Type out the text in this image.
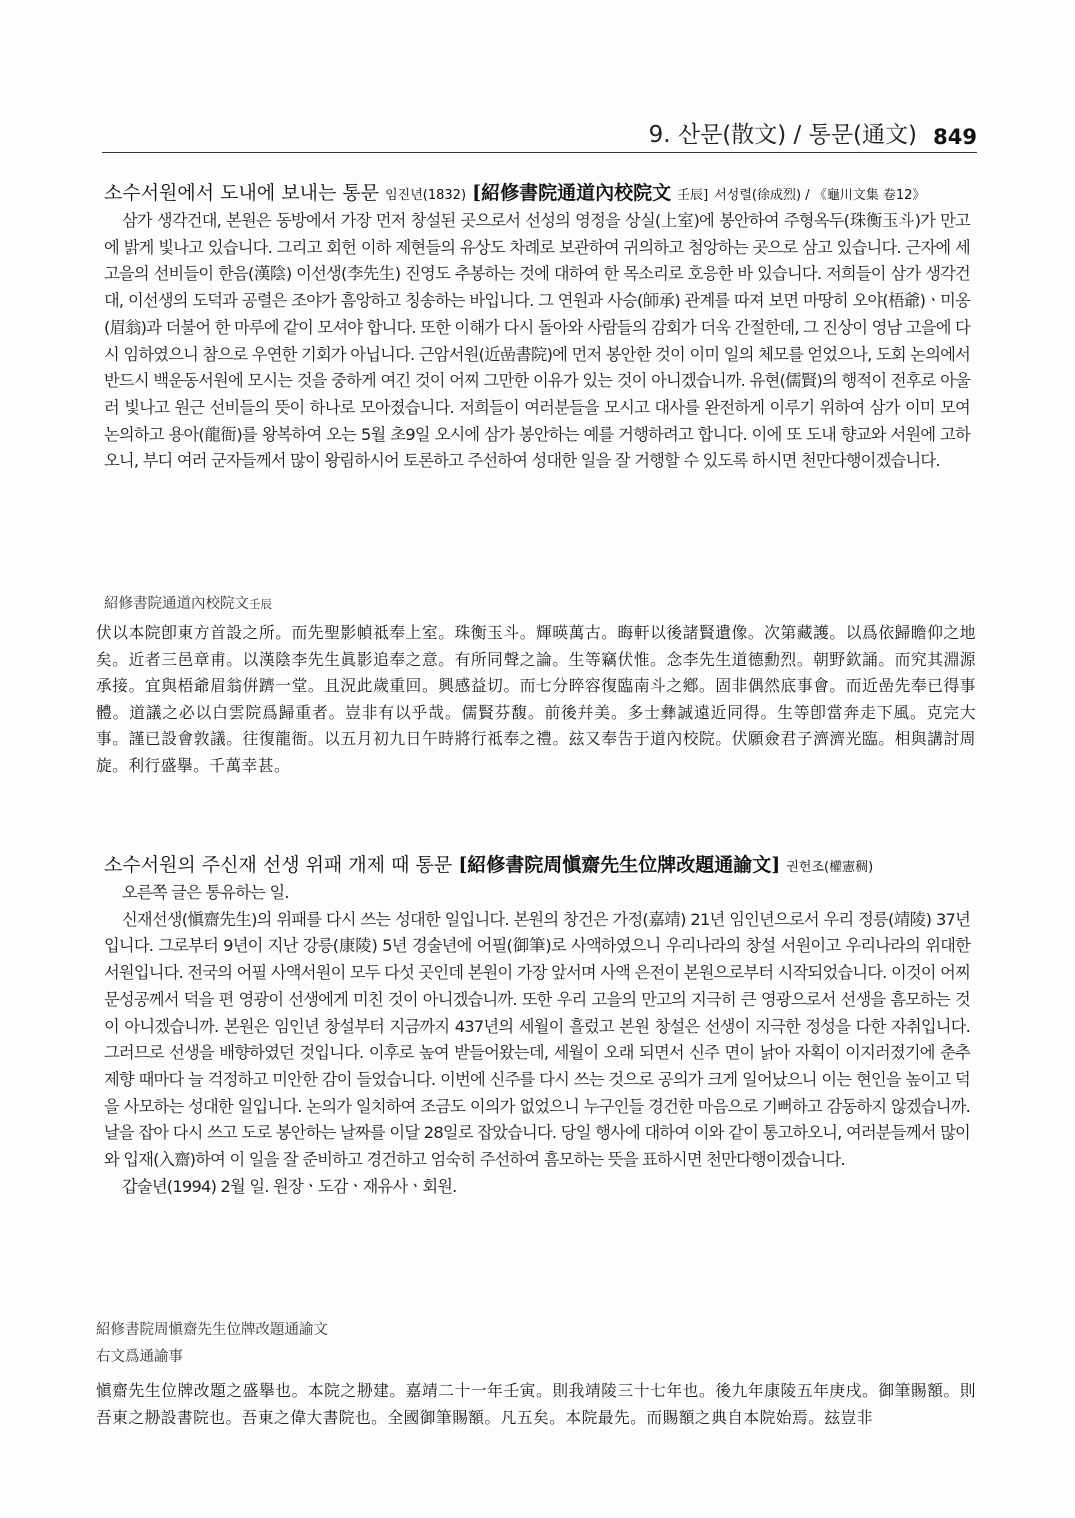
9. 산문(散文) / 통문(通文) 849
소수서원에서 도내에 보내는 통문 임진년(1832) [紹修書院通道內校院文 壬辰] 서성렬(徐成烈) / 《龜川文集 卷12》

삼가 생각건대, 본원은 동방에서 가장 먼저 창설된 곳으로서 선성의 영정을 상실(上室)에 봉안하여 주형옥두(珠衡玉斗)가 만고에 밝게 빛나고 있습니다. 그리고 회헌 이하 제현들의 유상도 차례로 보관하여 귀의하고 첨앙하는 곳으로 삼고 있습니다. 근자에 세 고을의 선비들이 한음(漢陰) 이선생(李先生) 진영도 추봉하는 것에 대하여 한 목소리로 호응한 바 있습니다. 저희들이 삼가 생각건대, 이선생의 도덕과 공렬은 조야가 흠앙하고 칭송하는 바입니다. 그 연원과 사승(師承) 관계를 따져 보면 마땅히 오야(梧爺)ㆍ미옹(眉翁)과 더불어 한 마루에 같이 모셔야 합니다. 또한 이해가 다시 돌아와 사람들의 감회가 더욱 간절한데, 그 진상이 영남 고을에 다시 임하였으니 참으로 우연한 기회가 아닙니다. 근암서원(近嵒書院)에 먼저 봉안한 것이 이미 일의 체모를 얻었으나, 도회 논의에서 반드시 백운동서원에 모시는 것을 중하게 여긴 것이 어찌 그만한 이유가 있는 것이 아니겠습니까. 유현(儒賢)의 행적이 전후로 아울러 빛나고 원근 선비들의 뜻이 하나로 모아졌습니다. 저희들이 여러분들을 모시고 대사를 완전하게 이루기 위하여 삼가 이미 모여 논의하고 용아(龍衙)를 왕복하여 오는 5월 초9일 오시에 삼가 봉안하는 예를 거행하려고 합니다. 이에 또 도내 향교와 서원에 고하오니, 부디 여러 군자들께서 많이 왕림하시어 토론하고 주선하여 성대한 일을 잘 거행할 수 있도록 하시면 천만다행이겠습니다.

紹修書院通道內校院文壬辰

伏以本院卽東方首設之所。而先聖影幀祗奉上室。珠衡玉斗。輝暎萬古。晦軒以後諸賢遺像。次第藏護。以爲依歸瞻仰之地矣。近者三邑章甫。以漢陰李先生眞影追奉之意。有所同聲之論。生等竊伏惟。念李先生道德勳烈。朝野欽誦。而究其淵源承接。宜與梧爺眉翁倂躋一堂。且況此歲重回。興感益切。而七分睟容復臨南斗之鄕。固非偶然底事會。而近嵒先奉已得事體。道議之必以白雲院爲歸重者。豈非有以乎哉。儒賢芬馥。前後幷美。多士彝誠遠近同得。生等卽當奔走下風。克完大事。謹已設會敦議。往復龍衙。以五月初九日午時將行祗奉之禮。玆又奉告于道內校院。伏願僉君子濟濟光臨。相與講討周旋。利行盛擧。千萬幸甚。

소수서원의 주신재 선생 위패 개제 때 통문 [紹修書院周愼齋先生位牌改題通諭文] 권헌조(權憲稠)

오른쪽 글은 통유하는 일.

신재선생(愼齋先生)의 위패를 다시 쓰는 성대한 일입니다. 본원의 창건은 가정(嘉靖) 21년 임인년으로서 우리 정릉(靖陵) 37년입니다. 그로부터 9년이 지난 강릉(康陵) 5년 경술년에 어필(御筆)로 사액하였으니 우리나라의 창설 서원이고 우리나라의 위대한 서원입니다. 전국의 어필 사액서원이 모두 다섯 곳인데 본원이 가장 앞서며 사액 은전이 본원으로부터 시작되었습니다. 이것이 어찌 문성공께서 덕을 편 영광이 선생에게 미친 것이 아니겠습니까. 또한 우리 고을의 만고의 지극히 큰 영광으로서 선생을 흠모하는 것이 아니겠습니까. 본원은 임인년 창설부터 지금까지 437년의 세월이 흘렀고 본원 창설은 선생이 지극한 정성을 다한 자취입니다. 그러므로 선생을 배향하였던 것입니다. 이후로 높여 받들어왔는데, 세월이 오래 되면서 신주 면이 낡아 자획이 이지러졌기에 춘추 제향 때마다 늘 걱정하고 미안한 감이 들었습니다. 이번에 신주를 다시 쓰는 것으로 공의가 크게 일어났으니 이는 현인을 높이고 덕을 사모하는 성대한 일입니다. 논의가 일치하여 조금도 이의가 없었으니 누구인들 경건한 마음으로 기뻐하고 감동하지 않겠습니까. 날을 잡아 다시 쓰고 도로 봉안하는 날짜를 이달 28일로 잡았습니다. 당일 행사에 대하여 이와 같이 통고하오니, 여러분들께서 많이 와 입재(入齋)하여 이 일을 잘 준비하고 경건하고 엄숙히 주선하여 흠모하는 뜻을 표하시면 천만다행이겠습니다.

갑술년(1994) 2월 일. 원장ㆍ도감ㆍ재유사ㆍ회원.

紹修書院周愼齋先生位牌改題通諭文
右文爲通諭事

愼齋先生位牌改題之盛擧也。本院之刱建。嘉靖二十一年壬寅。則我靖陵三十七年也。後九年康陵五年庚戌。御筆賜額。則吾東之刱設書院也。吾東之偉大書院也。全國御筆賜額。凡五矣。本院最先。而賜額之典自本院始焉。玆豈非
